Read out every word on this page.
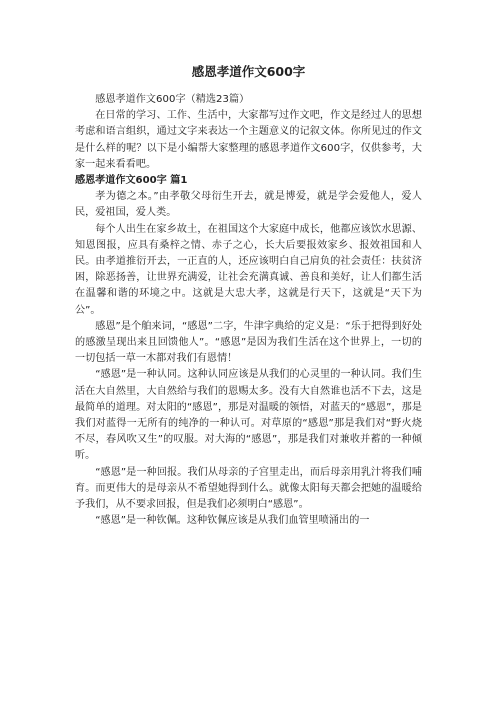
感恩孝道作文600字

感恩孝道作文600字（精选23篇）

在日常的学习、工作、生活中，大家都写过作文吧，作文是经过人的思想考虑和语言组织，通过文字来表达一个主题意义的记叙文体。你所见过的作文是什么样的呢？以下是小编帮大家整理的感恩孝道作文600字，仅供参考，大家一起来看看吧。

感恩孝道作文600字 篇1

孝为德之本。”由孝敬父母衍生开去，就是博爱，就是学会爱他人，爱人民，爱祖国，爱人类。

每个人出生在家乡故土，在祖国这个大家庭中成长，他都应该饮水思源、知恩图报，应具有桑梓之情、赤子之心，长大后要报效家乡、报效祖国和人民。由孝道推衍开去，一正直的人，还应该明白自己肩负的社会责任：扶贫济困，除恶扬善，让世界充满爱，让社会充满真诚、善良和美好，让人们都生活在温馨和谐的环境之中。这就是大忠大孝，这就是行天下，这就是“天下为公”。

感恩”是个舶来词，“感恩”二字，牛津字典给的定义是：“乐于把得到好处的感激呈现出来且回馈他人”。“感恩”是因为我们生活在这个世界上，一切的一切包括一草一木都对我们有恩情！

“感恩”是一种认同。这种认同应该是从我们的心灵里的一种认同。我们生活在大自然里，大自然给与我们的恩赐太多。没有大自然谁也活不下去，这是最简单的道理。对太阳的“感恩”，那是对温暖的领悟，对蓝天的“感恩”，那是我们对蓝得一无所有的纯净的一种认可。对草原的“感恩”那是我们对“野火烧不尽，春风吹又生”的叹服。对大海的“感恩”，那是我们对兼收并蓄的一种倾听。

“感恩”是一种回报。我们从母亲的子宫里走出，而后母亲用乳汁将我们哺育。而更伟大的是母亲从不希望她得到什么。就像太阳每天都会把她的温暖给予我们，从不要求回报，但是我们必须明白“感恩”。

“感恩”是一种钦佩。这种钦佩应该是从我们血管里喷涌出的一
